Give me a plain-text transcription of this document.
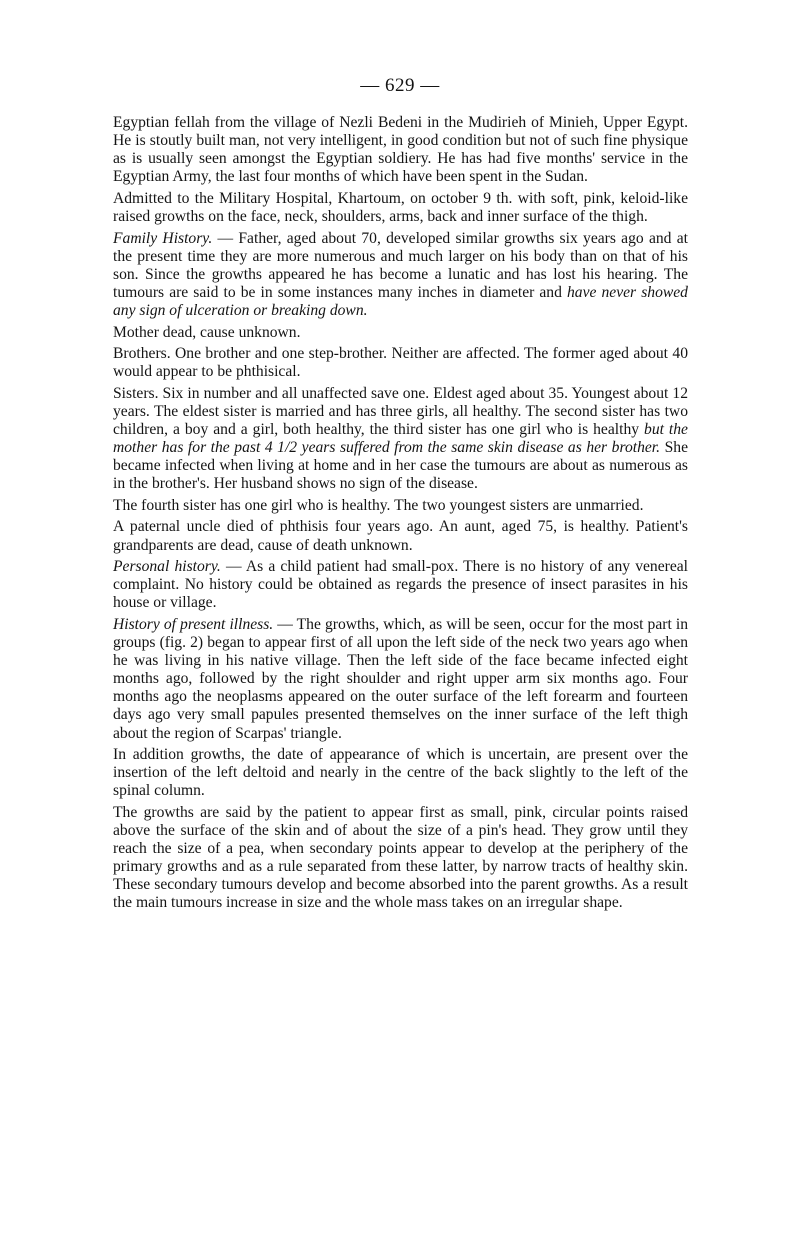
— 629 —

Egyptian fellah from the village of Nezli Bedeni in the Mudirieh of Minieh, Upper Egypt. He is stoutly built man, not very intelligent, in good condition but not of such fine physique as is usually seen amongst the Egyptian soldiery. He has had five months' service in the Egyptian Army, the last four months of which have been spent in the Sudan.

Admitted to the Military Hospital, Khartoum, on october 9 th. with soft, pink, keloid-like raised growths on the face, neck, shoulders, arms, back and inner surface of the thigh.

Family History. — Father, aged about 70, developed similar growths six years ago and at the present time they are more numerous and much larger on his body than on that of his son. Since the growths appeared he has become a lunatic and has lost his hearing. The tumours are said to be in some instances many inches in diameter and have never showed any sign of ulceration or breaking down.

Mother dead, cause unknown.

Brothers. One brother and one step-brother. Neither are affected. The former aged about 40 would appear to be phthisical.

Sisters. Six in number and all unaffected save one. Eldest aged about 35. Youngest about 12 years. The eldest sister is married and has three girls, all healthy. The second sister has two children, a boy and a girl, both healthy, the third sister has one girl who is healthy but the mother has for the past 4 1/2 years suffered from the same skin disease as her brother. She became infected when living at home and in her case the tumours are about as numerous as in the brother's. Her husband shows no sign of the disease.

The fourth sister has one girl who is healthy. The two youngest sisters are unmarried.

A paternal uncle died of phthisis four years ago. An aunt, aged 75, is healthy. Patient's grandparents are dead, cause of death unknown.

Personal history. — As a child patient had small-pox. There is no history of any venereal complaint. No history could be obtained as regards the presence of insect parasites in his house or village.

History of present illness. — The growths, which, as will be seen, occur for the most part in groups (fig. 2) began to appear first of all upon the left side of the neck two years ago when he was living in his native village. Then the left side of the face became infected eight months ago, followed by the right shoulder and right upper arm six months ago. Four months ago the neoplasms appeared on the outer surface of the left forearm and fourteen days ago very small papules presented themselves on the inner surface of the left thigh about the region of Scarpas' triangle.

In addition growths, the date of appearance of which is uncertain, are present over the insertion of the left deltoid and nearly in the centre of the back slightly to the left of the spinal column.

The growths are said by the patient to appear first as small, pink, circular points raised above the surface of the skin and of about the size of a pin's head. They grow until they reach the size of a pea, when secondary points appear to develop at the periphery of the primary growths and as a rule separated from these latter, by narrow tracts of healthy skin. These secondary tumours develop and become absorbed into the parent growths. As a result the main tumours increase in size and the whole mass takes on an irregular shape.
